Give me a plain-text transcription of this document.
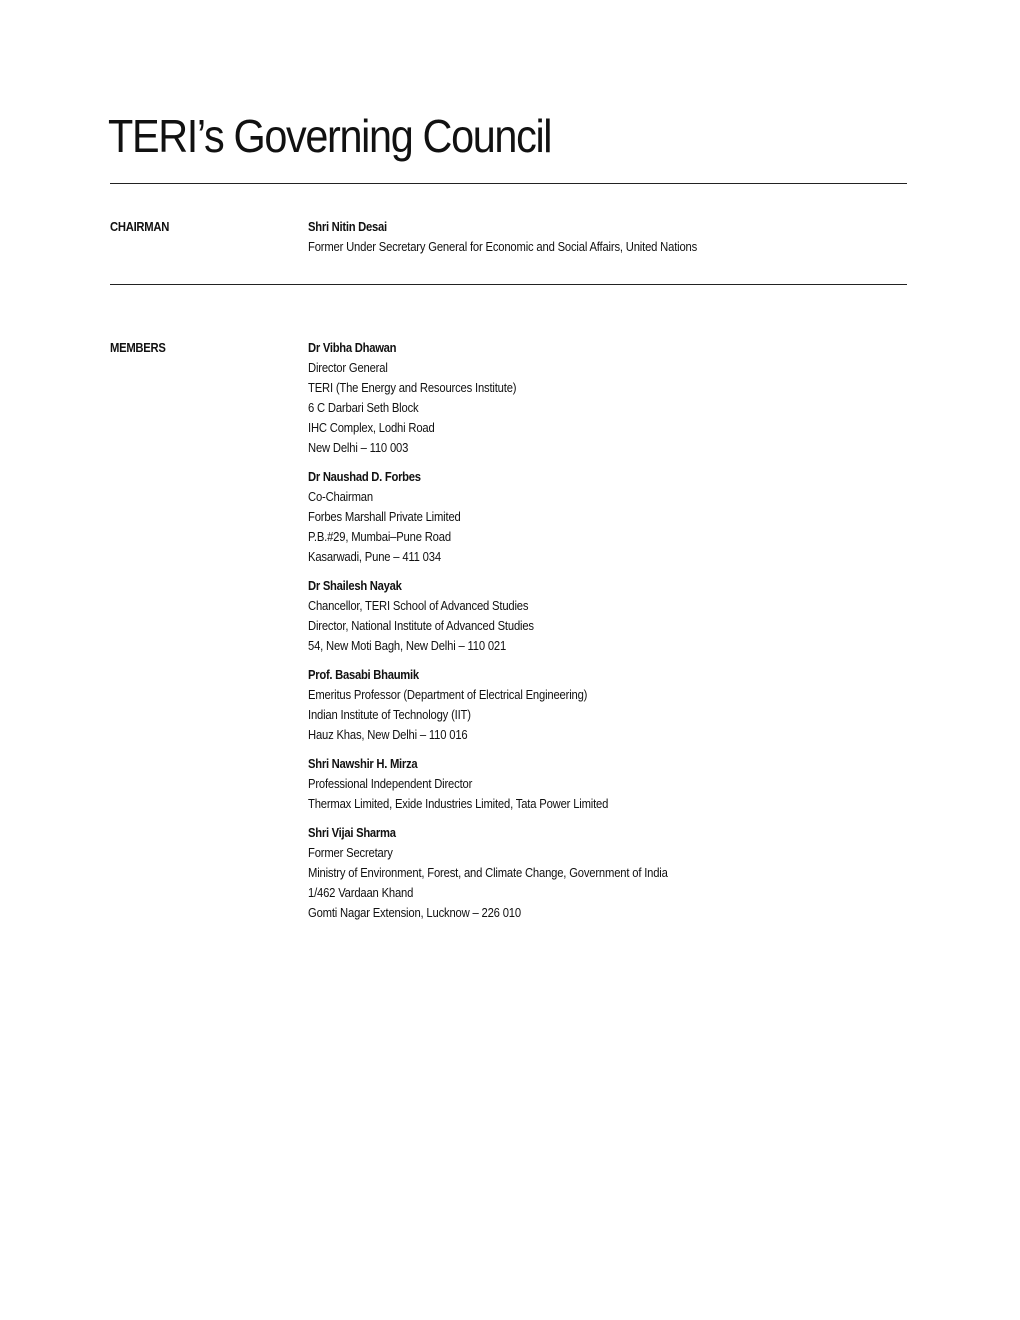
TERI’s Governing Council
CHAIRMAN	Shri Nitin Desai
Former Under Secretary General for Economic and Social Affairs, United Nations
MEMBERS	Dr Vibha Dhawan
Director General
TERI (The Energy and Resources Institute)
6 C Darbari Seth Block
IHC Complex, Lodhi Road
New Delhi – 110 003
Dr Naushad D. Forbes
Co-Chairman
Forbes Marshall Private Limited
P.B.#29, Mumbai–Pune Road
Kasarwadi, Pune – 411 034
Dr Shailesh Nayak
Chancellor, TERI School of Advanced Studies
Director, National Institute of Advanced Studies
54, New Moti Bagh, New Delhi – 110 021
Prof. Basabi Bhaumik
Emeritus Professor (Department of Electrical Engineering)
Indian Institute of Technology (IIT)
Hauz Khas, New Delhi – 110 016
Shri Nawshir H. Mirza
Professional Independent Director
Thermax Limited, Exide Industries Limited, Tata Power Limited
Shri Vijai Sharma
Former Secretary
Ministry of Environment, Forest, and Climate Change, Government of India
1/462 Vardaan Khand
Gomti Nagar Extension, Lucknow – 226 010
